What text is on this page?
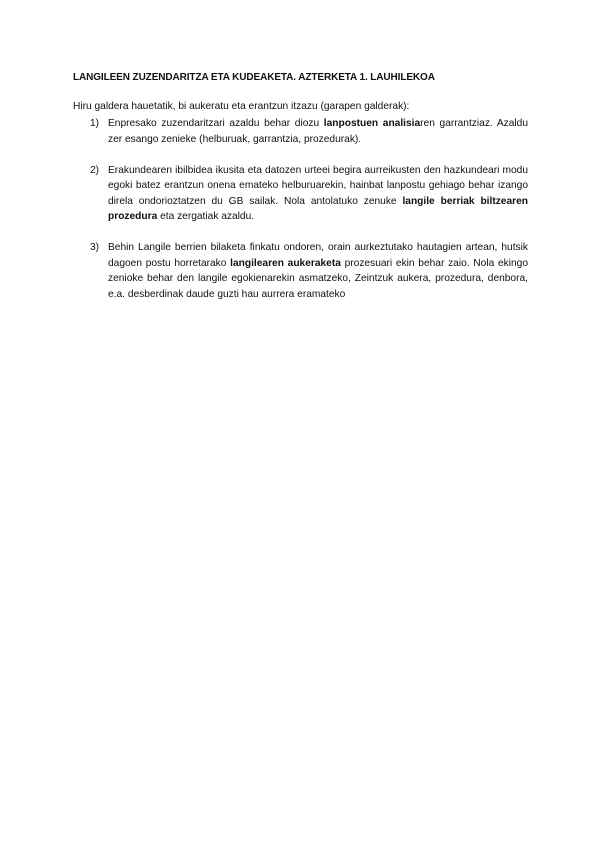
LANGILEEN ZUZENDARITZA ETA KUDEAKETA. AZTERKETA 1. LAUHILEKOA
Hiru galdera hauetatik, bi aukeratu eta erantzun itzazu (garapen galderak):
1) Enpresako zuzendaritzari azaldu behar diozu lanpostuen analisiaren garrantziaz. Azaldu zer esango zenieke (helburuak, garrantzia, prozedurak).
2) Erakundearen ibilbidea ikusita eta datozen urteei begira aurreikusten den hazkundeari modu egoki batez erantzun onena emateko helburuarekin, hainbat lanpostu gehiago behar izango direla ondorioztatzen du GB sailak. Nola antolatuko zenuke langile berriak biltzearen prozedura eta zergatiak azaldu.
3) Behin Langile berrien bilaketa finkatu ondoren, orain aurkeztutako hautagien artean, hutsik dagoen postu horretarako langilearen aukeraketa prozesuari ekin behar zaio. Nola ekingo zenioke behar den langile egokienarekin asmatzeko, Zeintzuk aukera, prozedura, denbora, e.a. desberdinak daude guzti hau aurrera eramateko
